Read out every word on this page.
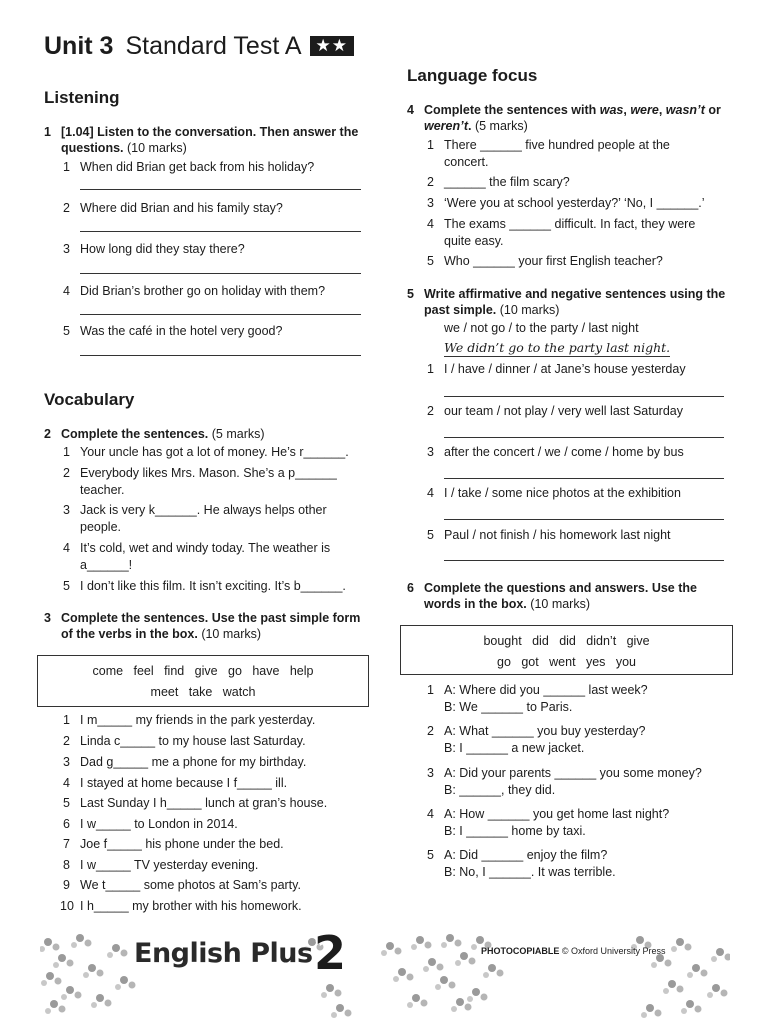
Unit 3 Standard Test A ★★
Listening
1 [1.04] Listen to the conversation. Then answer the questions. (10 marks)
1 When did Brian get back from his holiday?
2 Where did Brian and his family stay?
3 How long did they stay there?
4 Did Brian’s brother go on holiday with them?
5 Was the café in the hotel very good?
Vocabulary
2 Complete the sentences. (5 marks)
1 Your uncle has got a lot of money. He’s r______.
2 Everybody likes Mrs. Mason. She’s a p______ teacher.
3 Jack is very k______. He always helps other people.
4 It’s cold, wet and windy today. The weather is a______!
5 I don’t like this film. It isn’t exciting. It’s b______.
3 Complete the sentences. Use the past simple form of the verbs in the box. (10 marks)
come   feel   find   give   go   have   help
meet   take   watch
1 I m_____ my friends in the park yesterday.
2 Linda c_____ to my house last Saturday.
3 Dad g_____ me a phone for my birthday.
4 I stayed at home because I f_____ ill.
5 Last Sunday I h_____ lunch at gran’s house.
6 I w_____ to London in 2014.
7 Joe f_____ his phone under the bed.
8 I w_____ TV yesterday evening.
9 We t_____ some photos at Sam’s party.
10 I h_____ my brother with his homework.
Language focus
4 Complete the sentences with was, were, wasn’t or weren’t. (5 marks)
1 There ______ five hundred people at the concert.
2 ______ the film scary?
3 ‘Were you at school yesterday?’ ‘No, I ______.’
4 The exams ______ difficult. In fact, they were quite easy.
5 Who ______ your first English teacher?
5 Write affirmative and negative sentences using the past simple. (10 marks)
we / not go / to the party / last night
We didn’t go to the party last night.
1 I / have / dinner / at Jane’s house yesterday
2 our team / not play / very well last Saturday
3 after the concert / we / come / home by bus
4 I / take / some nice photos at the exhibition
5 Paul / not finish / his homework last night
6 Complete the questions and answers. Use the words in the box. (10 marks)
bought   did   did   didn’t   give
go   got   went   yes   you
1 A: Where did you ______ last week?
B: We ______ to Paris.
2 A: What ______ you buy yesterday?
B: I ______ a new jacket.
3 A: Did your parents ______ you some money?
B: ______, they did.
4 A: How ______ you get home last night?
B: I ______ home by taxi.
5 A: Did ______ enjoy the film?
B: No, I ______. It was terrible.
English Plus 2	PHOTOCOPIABLE © Oxford University Press
